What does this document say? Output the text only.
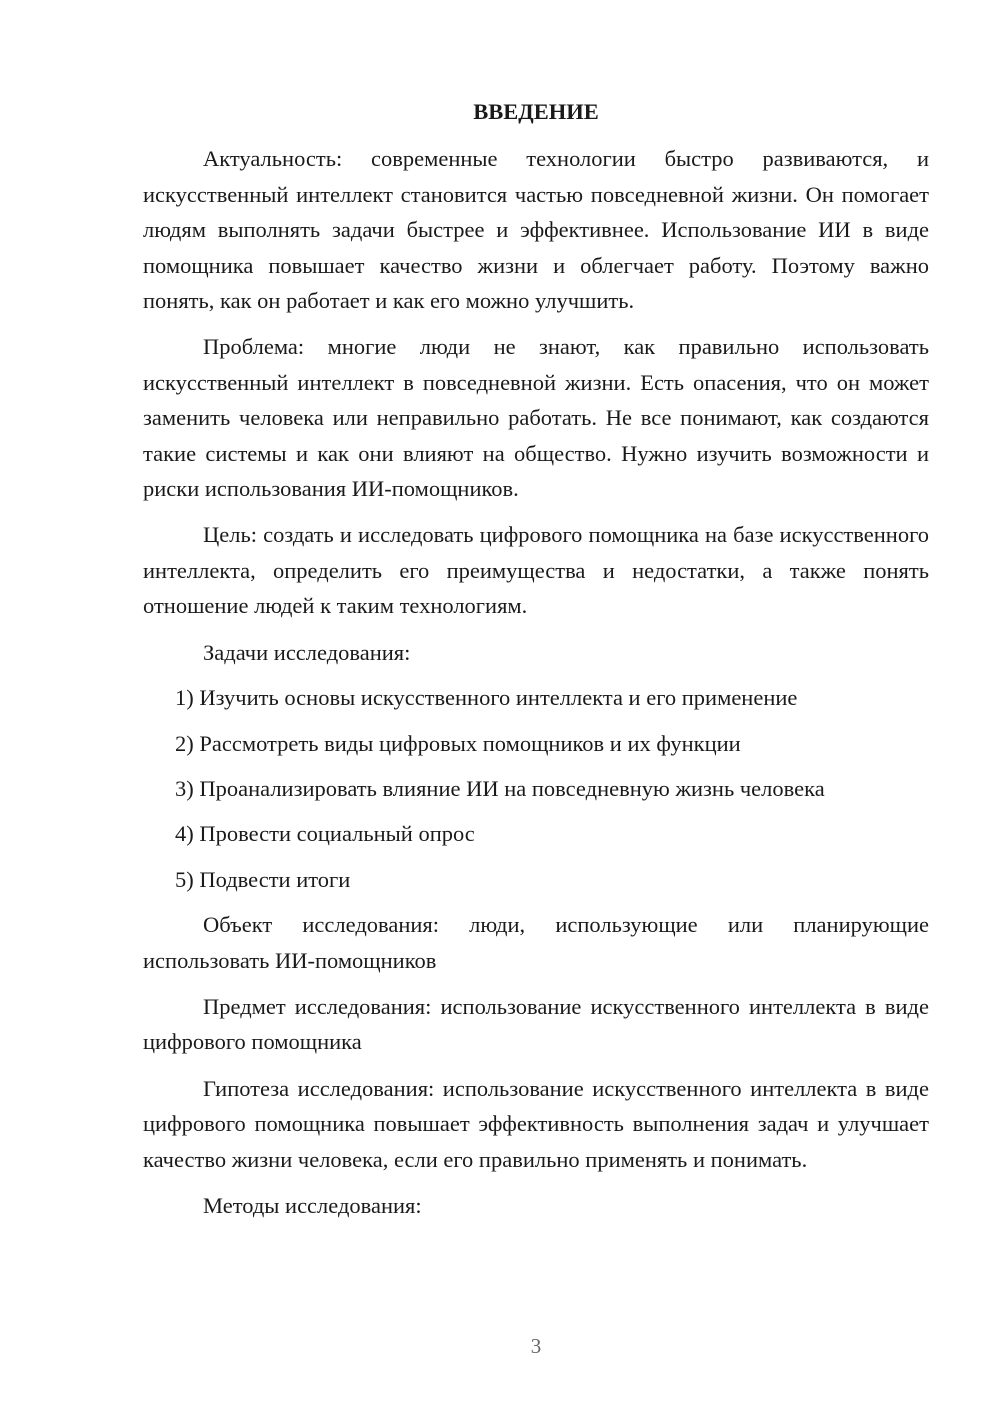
ВВЕДЕНИЕ

Актуальность: современные технологии быстро развиваются, и искусственный интеллект становится частью повседневной жизни. Он помогает людям выполнять задачи быстрее и эффективнее. Использование ИИ в виде помощника повышает качество жизни и облегчает работу. Поэтому важно понять, как он работает и как его можно улучшить.

Проблема: многие люди не знают, как правильно использовать искусственный интеллект в повседневной жизни. Есть опасения, что он может заменить человека или неправильно работать. Не все понимают, как создаются такие системы и как они влияют на общество. Нужно изучить возможности и риски использования ИИ-помощников.

Цель: создать и исследовать цифрового помощника на базе искусственного интеллекта, определить его преимущества и недостатки, а также понять отношение людей к таким технологиям.

Задачи исследования:

1) Изучить основы искусственного интеллекта и его применение

2) Рассмотреть виды цифровых помощников и их функции

3) Проанализировать влияние ИИ на повседневную жизнь человека

4) Провести социальный опрос

5) Подвести итоги

Объект исследования: люди, использующие или планирующие использовать ИИ-помощников

Предмет исследования: использование искусственного интеллекта в виде цифрового помощника

Гипотеза исследования: использование искусственного интеллекта в виде цифрового помощника повышает эффективность выполнения задач и улучшает качество жизни человека, если его правильно применять и понимать.

Методы исследования:

3
